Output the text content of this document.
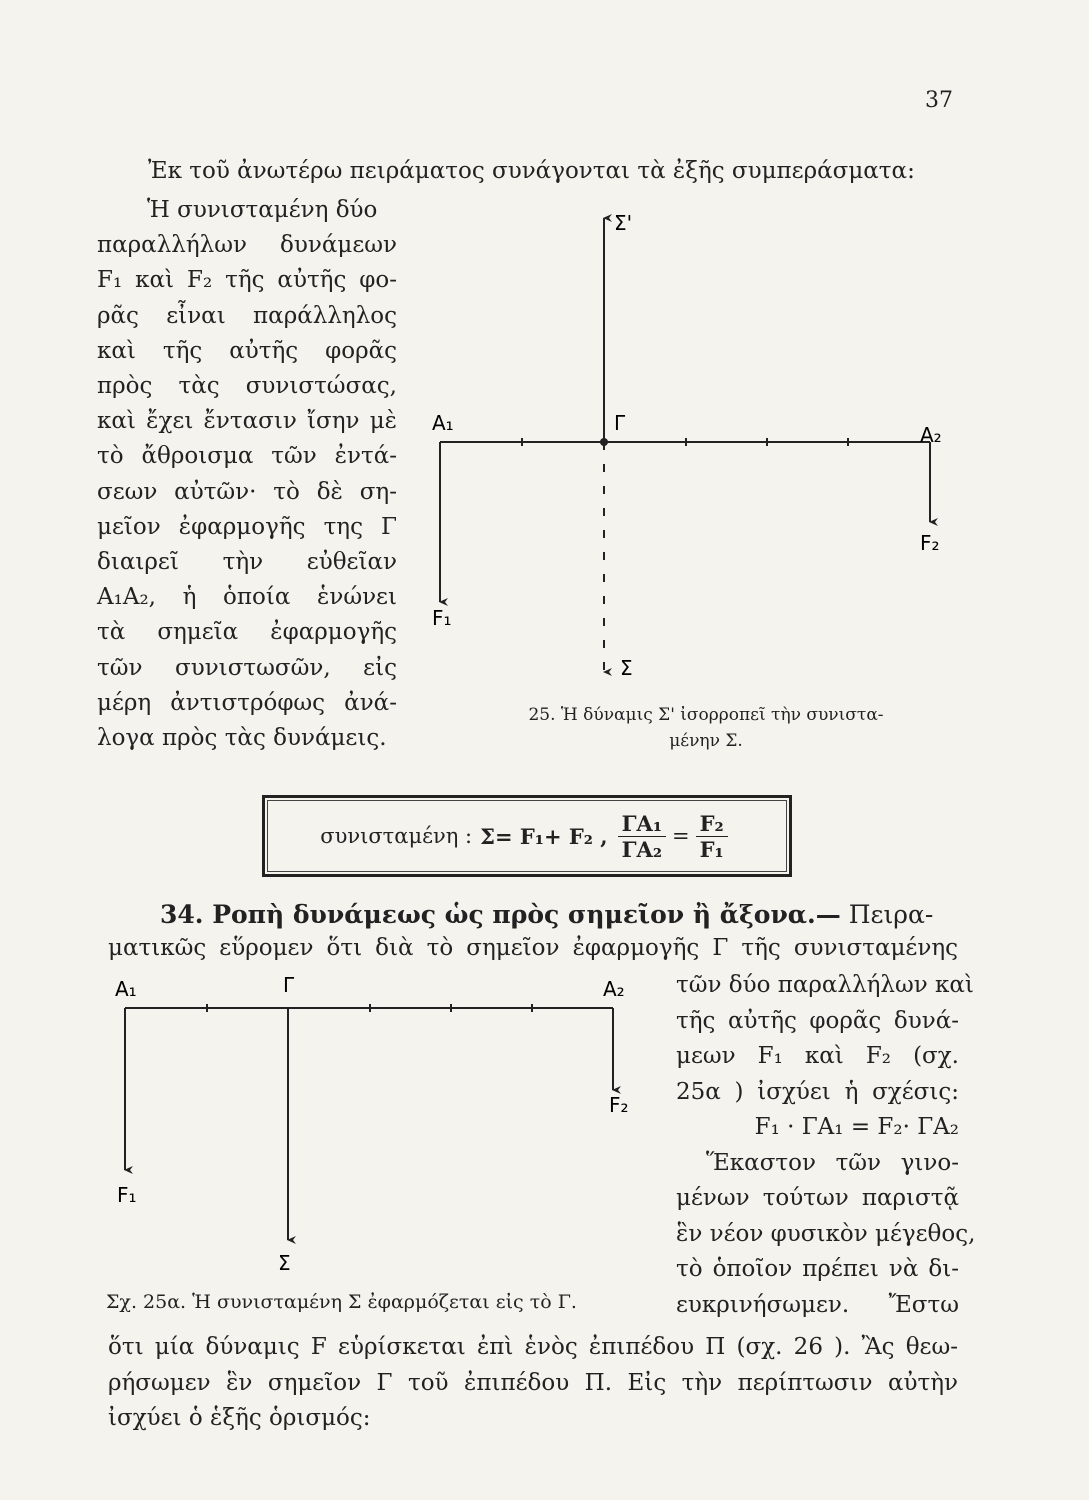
37
Ἐκ τοῦ ἀνωτέρω πειράματος συνάγονται τὰ ἐξῆς συμπεράσματα:
Ἡ συνισταμένη δύο
παραλλήλων δυνάμεων
F₁ καὶ F₂ τῆς αὐτῆς φο-
ρᾶς εἶναι παράλληλος
καὶ τῆς αὐτῆς φορᾶς
πρὸς τὰς συνιστώσας,
καὶ ἔχει ἔντασιν ἴσην μὲ
τὸ ἄθροισμα τῶν ἐντά-
σεων αὐτῶν· τὸ δὲ ση-
μεῖον ἐφαρμογῆς της Γ
διαιρεῖ τὴν εὐθεῖαν
A₁A₂, ἡ ὁποία ἑνώνει
τὰ σημεῖα ἐφαρμογῆς
τῶν συνιστωσῶν, εἰς
μέρη ἀντιστρόφως ἀνά-
λογα πρὸς τὰς δυνάμεις.
Σ'
A₁	Γ	A₂
F₁
F₂
Σ
25. Ἡ δύναμις Σ' ἰσορροπεῖ τὴν συνιστα-
μένην Σ.
συνισταμένη : Σ= F₁+ F₂ , $\frac{\text{ΓA₁}}{\text{ΓA₂}} = \frac{\text{F₂}}{\text{F₁}}$
34. Ροπὴ δυνάμεως ὡς πρὸς σημεῖον ἢ ἄξονα.— Πειρα-
ματικῶς εὕρομεν ὅτι διὰ τὸ σημεῖον ἐφαρμογῆς Γ τῆς συνισταμένης
A₁	Γ	A₂
F₁
F₂
Σ
Σχ. 25α. Ἡ συνισταμένη Σ ἐφαρμόζεται εἰς τὸ Γ.
τῶν δύο παραλλήλων καὶ
τῆς αὐτῆς φορᾶς δυνά-
μεων F₁ καὶ F₂ (σχ.
25α ) ἰσχύει ἡ σχέσις:
F₁ · ΓA₁ = F₂· ΓA₂
Ἕκαστον τῶν γινο-
μένων τούτων παριστᾷ
ἓν νέον φυσικὸν μέγεθος,
τὸ ὁποῖον πρέπει νὰ δι-
ευκρινήσωμεν. Ἔστω
ὅτι μία δύναμις F εὑρίσκεται ἐπὶ ἑνὸς ἐπιπέδου Π (σχ. 26 ). Ἂς θεω-
ρήσωμεν ἓν σημεῖον Γ τοῦ ἐπιπέδου Π. Εἰς τὴν περίπτωσιν αὐτὴν
ἰσχύει ὁ ἑξῆς ὁρισμός:
